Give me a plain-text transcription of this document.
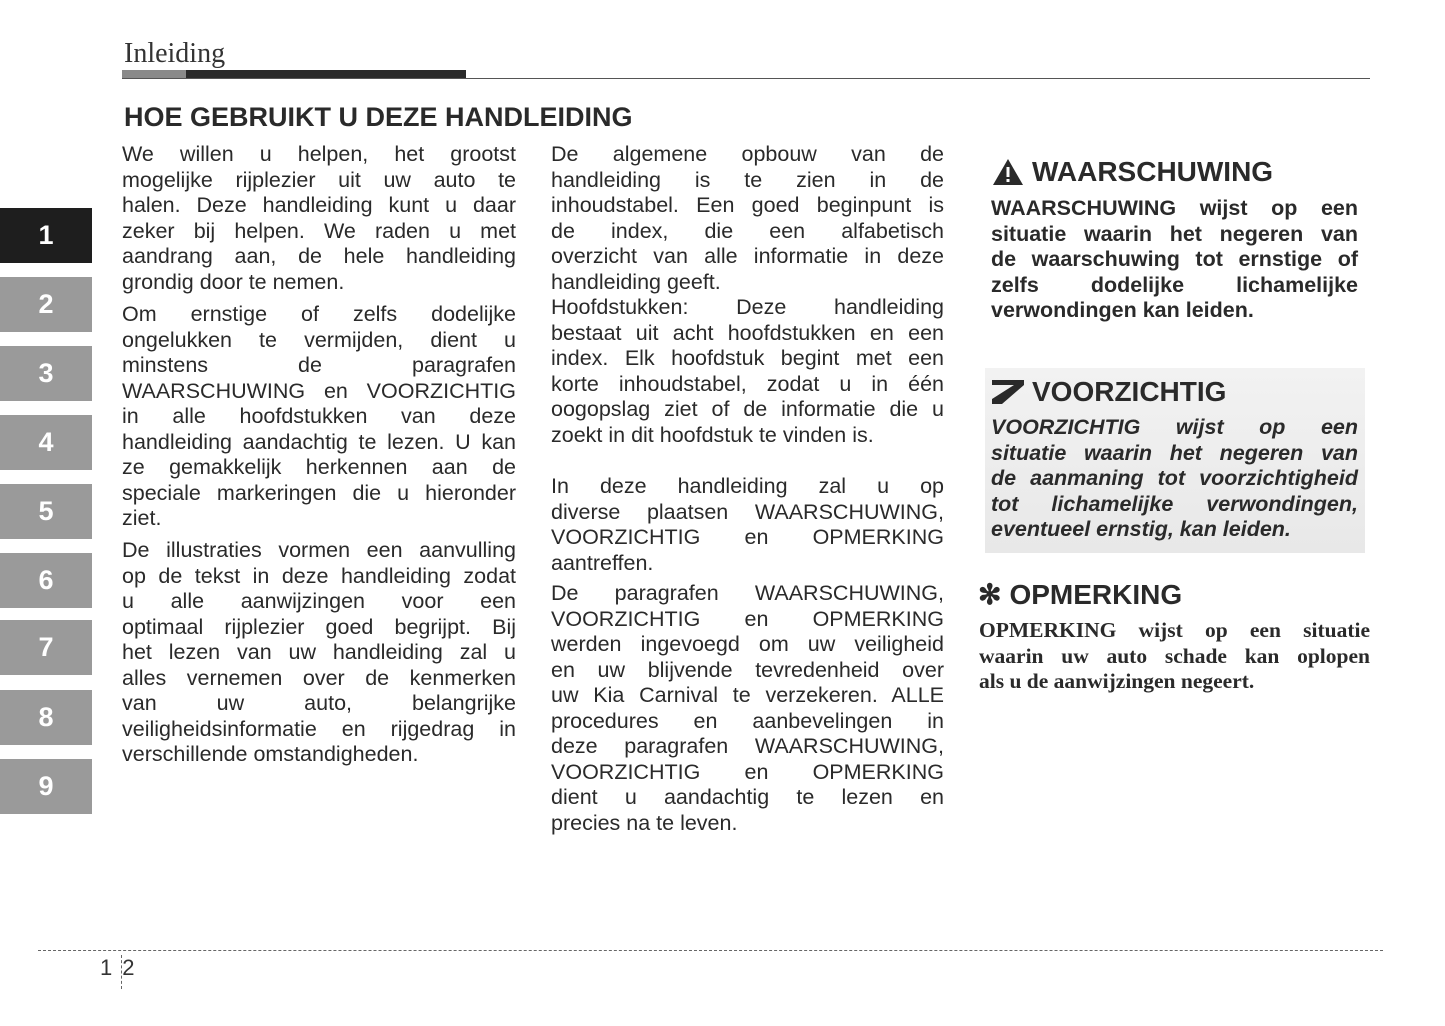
Inleiding
HOE GEBRUIKT U DEZE HANDLEIDING
1
2
3
4
5
6
7
8
9
We willen u helpen, het grootst
mogelijke rijplezier uit uw auto te
halen. Deze handleiding kunt u daar
zeker bij helpen. We raden u met
aandrang aan, de hele handleiding
grondig door te nemen.
Om ernstige of zelfs dodelijke
ongelukken te vermijden, dient u
minstens de paragrafen
WAARSCHUWING en VOORZICHTIG
in alle hoofdstukken van deze
handleiding aandachtig te lezen. U kan
ze gemakkelijk herkennen aan de
speciale markeringen die u hieronder
ziet.
De illustraties vormen een aanvulling
op de tekst in deze handleiding zodat
u alle aanwijzingen voor een
optimaal rijplezier goed begrijpt. Bij
het lezen van uw handleiding zal u
alles vernemen over de kenmerken
van uw auto, belangrijke
veiligheidsinformatie en rijgedrag in
verschillende omstandigheden.
De algemene opbouw van de
handleiding is te zien in de
inhoudstabel. Een goed beginpunt is
de index, die een alfabetisch
overzicht van alle informatie in deze
handleiding geeft.
Hoofdstukken: Deze handleiding
bestaat uit acht hoofdstukken en een
index. Elk hoofdstuk begint met een
korte inhoudstabel, zodat u in één
oogopslag ziet of de informatie die u
zoekt in dit hoofdstuk te vinden is.
In deze handleiding zal u op
diverse plaatsen WAARSCHUWING,
VOORZICHTIG en OPMERKING
aantreffen.
De paragrafen WAARSCHUWING,
VOORZICHTIG en OPMERKING
werden ingevoegd om uw veiligheid
en uw blijvende tevredenheid over
uw Kia Carnival te verzekeren. ALLE
procedures en aanbevelingen in
deze paragrafen WAARSCHUWING,
VOORZICHTIG en OPMERKING
dient u aandachtig te lezen en
precies na te leven.
WAARSCHUWING
WAARSCHUWING wijst op een
situatie waarin het negeren van
de waarschuwing tot ernstige of
zelfs dodelijke lichamelijke
verwondingen kan leiden.
VOORZICHTIG
VOORZICHTIG wijst op een
situatie waarin het negeren van
de aanmaning tot voorzichtigheid
tot lichamelijke verwondingen,
eventueel ernstig, kan leiden.
✻ OPMERKING
OPMERKING wijst op een situatie
waarin uw auto schade kan oplopen
als u de aanwijzingen negeert.
1 2
